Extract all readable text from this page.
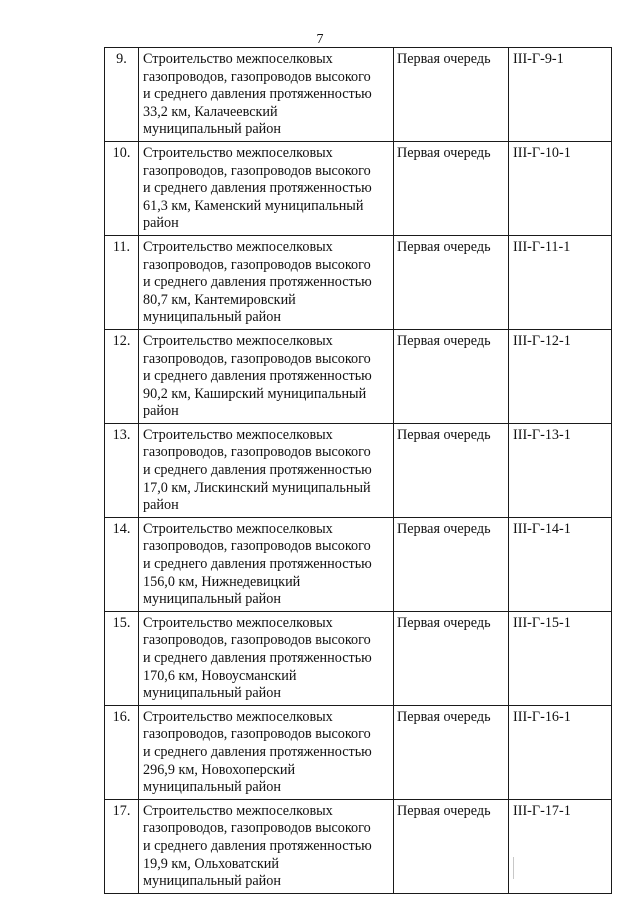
7
9.	Строительство межпоселковых
газопроводов, газопроводов высокого
и среднего давления протяженностью
33,2 км, Калачеевский
муниципальный район	Первая очередь	III-Г-9-1
10.	Строительство межпоселковых
газопроводов, газопроводов высокого
и среднего давления протяженностью
61,3 км, Каменский муниципальный
район	Первая очередь	III-Г-10-1
11.	Строительство межпоселковых
газопроводов, газопроводов высокого
и среднего давления протяженностью
80,7 км, Кантемировский
муниципальный район	Первая очередь	III-Г-11-1
12.	Строительство межпоселковых
газопроводов, газопроводов высокого
и среднего давления протяженностью
90,2 км, Каширский муниципальный
район	Первая очередь	III-Г-12-1
13.	Строительство межпоселковых
газопроводов, газопроводов высокого
и среднего давления протяженностью
17,0 км, Лискинский муниципальный
район	Первая очередь	III-Г-13-1
14.	Строительство межпоселковых
газопроводов, газопроводов высокого
и среднего давления протяженностью
156,0 км, Нижнедевицкий
муниципальный район	Первая очередь	III-Г-14-1
15.	Строительство межпоселковых
газопроводов, газопроводов высокого
и среднего давления протяженностью
170,6 км, Новоусманский
муниципальный район	Первая очередь	III-Г-15-1
16.	Строительство межпоселковых
газопроводов, газопроводов высокого
и среднего давления протяженностью
296,9 км, Новохоперский
муниципальный район	Первая очередь	III-Г-16-1
17.	Строительство межпоселковых
газопроводов, газопроводов высокого
и среднего давления протяженностью
19,9 км, Ольховатский
муниципальный район	Первая очередь	III-Г-17-1
